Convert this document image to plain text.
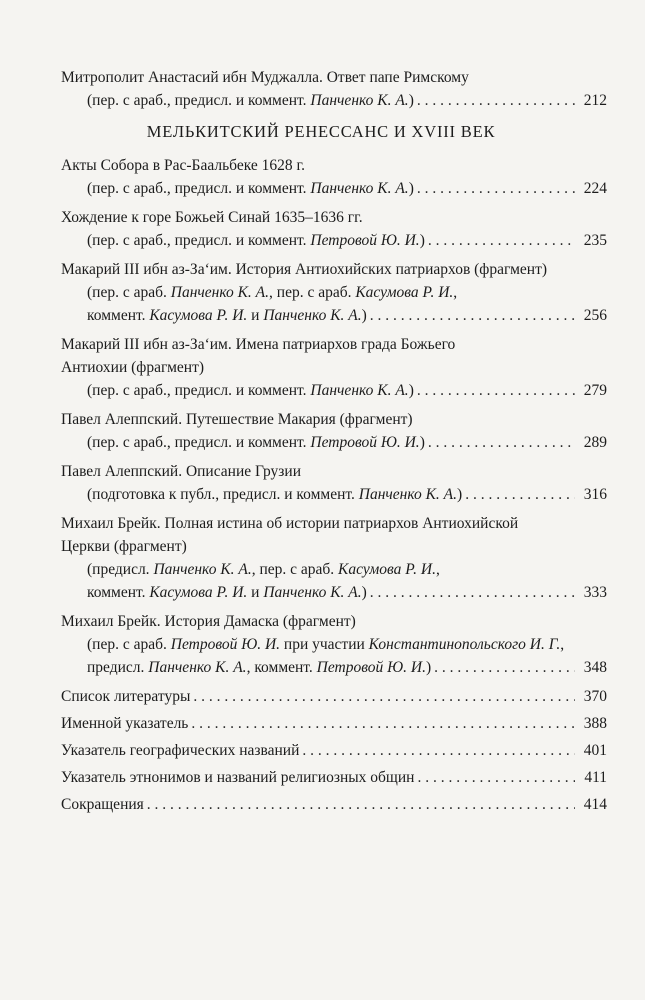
Митрополит Анастасий ибн Муджалла. Ответ папе Римскому
(пер. с араб., предисл. и коммент. Панченко К. А.) . . .	212
МЕЛЬКИТСКИЙ РЕНЕССАНС И XVIII ВЕК
Акты Собора в Рас-Баальбеке 1628 г.
(пер. с араб., предисл. и коммент. Панченко К. А.) . . .	224
Хождение к горе Божьей Синай 1635–1636 гг.
(пер. с араб., предисл. и коммент. Петровой Ю. И.) . . .	235
Макарий III ибн аз-За‘им. История Антиохийских патриархов (фрагмент)
(пер. с араб. Панченко К. А., пер. с араб. Касумова Р. И.,
коммент. Касумова Р. И. и Панченко К. А.) . . .	256
Макарий III ибн аз-За‘им. Имена патриархов града Божьего
Антиохии (фрагмент)
(пер. с араб., предисл. и коммент. Панченко К. А.) . . .	279
Павел Алеппский. Путешествие Макария (фрагмент)
(пер. с араб., предисл. и коммент. Петровой Ю. И.) . . .	289
Павел Алеппский. Описание Грузии
(подготовка к публ., предисл. и коммент. Панченко К. А.) . . .	316
Михаил Брейк. Полная истина об истории патриархов Антиохийской
Церкви (фрагмент)
(предисл. Панченко К. А., пер. с араб. Касумова Р. И.,
коммент. Касумова Р. И. и Панченко К. А.) . . .	333
Михаил Брейк. История Дамаска (фрагмент)
(пер. с араб. Петровой Ю. И. при участии Константинопольского И. Г.,
предисл. Панченко К. А., коммент. Петровой Ю. И.) . . .	348
Список литературы . . .	370
Именной указатель . . .	388
Указатель географических названий . . .	401
Указатель этнонимов и названий религиозных общин . . .	411
Сокращения . . .	414
